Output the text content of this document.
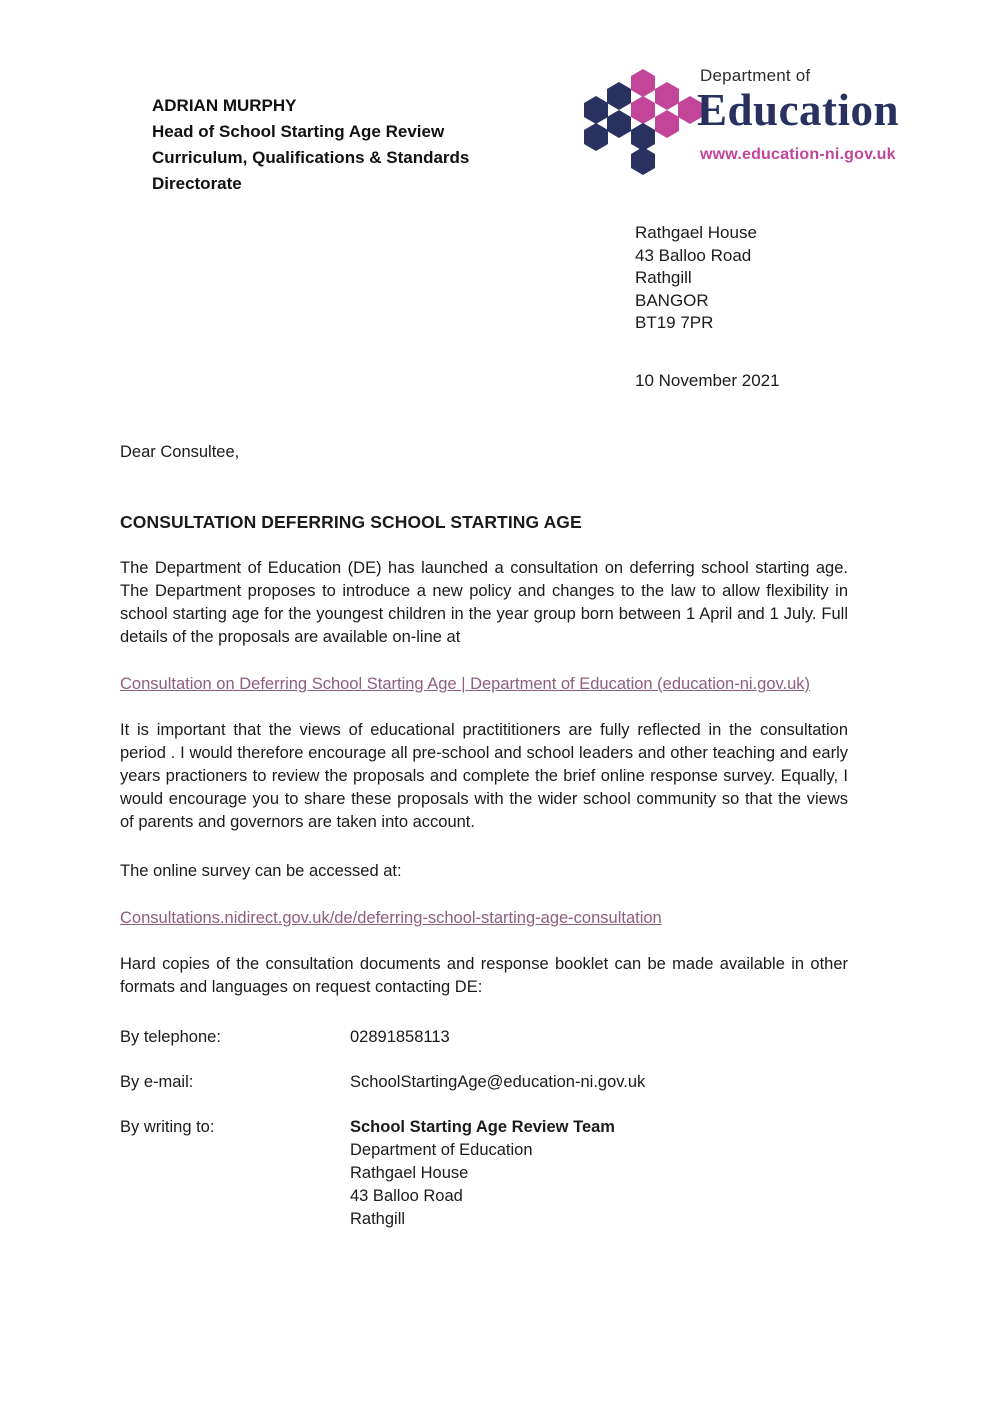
ADRIAN MURPHY
Head of School Starting Age Review
Curriculum, Qualifications & Standards
Directorate
Department of
Education
www.education-ni.gov.uk
Rathgael House
43 Balloo Road
Rathgill
BANGOR
BT19 7PR
10 November 2021
Dear Consultee,
CONSULTATION DEFERRING SCHOOL STARTING AGE
The Department of Education (DE) has launched a consultation on deferring school starting age. The Department proposes to introduce a new policy and changes to the law to allow flexibility in school starting age for the youngest children in the year group born between 1 April and 1 July. Full details of the proposals are available on-line at
Consultation on Deferring School Starting Age | Department of Education (education-ni.gov.uk)
It is important that the views of educational practititioners are fully reflected in the consultation period . I would therefore encourage all pre-school and school leaders and other teaching and early years practioners to review the proposals and complete the brief online response survey. Equally, I would encourage you to share these proposals with the wider school community so that the views of parents and governors are taken into account.
The online survey can be accessed at:
Consultations.nidirect.gov.uk/de/deferring-school-starting-age-consultation
Hard copies of the consultation documents and response booklet can be made available in other formats and languages on request contacting DE:
By telephone:	02891858113
By e-mail:	SchoolStartingAge@education-ni.gov.uk
By writing to:	School Starting Age Review Team
Department of Education
Rathgael House
43 Balloo Road
Rathgill
